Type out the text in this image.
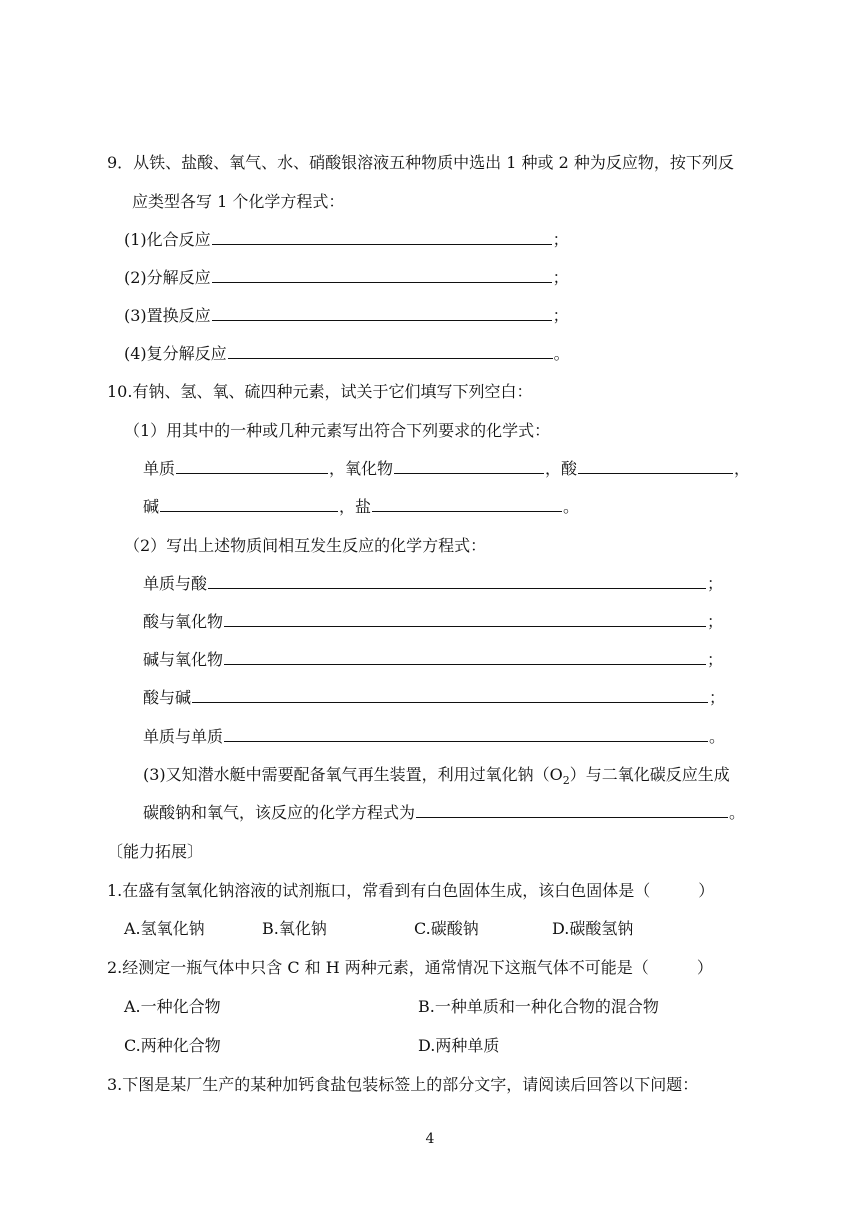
9．从铁、盐酸、氧气、水、硝酸银溶液五种物质中选出 1 种或 2 种为反应物，按下列反
应类型各写 1 个化学方程式：
(1)化合反应	；
(2)分解反应	；
(3)置换反应	；
(4)复分解反应	。
10.有钠、氢、氧、硫四种元素，试关于它们填写下列空白：
（1）用其中的一种或几种元素写出符合下列要求的化学式：
单质	，氧化物	，酸	，
碱	，盐	。
（2）写出上述物质间相互发生反应的化学方程式：
单质与酸	；
酸与氧化物	；
碱与氧化物	；
酸与碱	；
单质与单质	。
(3)又知潜水艇中需要配备氧气再生装置，利用过氧化钠$(O_2)$与二氧化碳反应生成
碳酸钠和氧气，该反应的化学方程式为	。
〔能力拓展〕
1.在盛有氢氧化钠溶液的试剂瓶口，常看到有白色固体生成，该白色固体是（	）
A.氢氧化钠	B.氧化钠	C.碳酸钠	D.碳酸氢钠
2.经测定一瓶气体中只含 C 和 H 两种元素，通常情况下这瓶气体不可能是（	）
A.一种化合物	B.一种单质和一种化合物的混合物
C.两种化合物	D.两种单质
3.下图是某厂生产的某种加钙食盐包装标签上的部分文字，请阅读后回答以下问题：
4
